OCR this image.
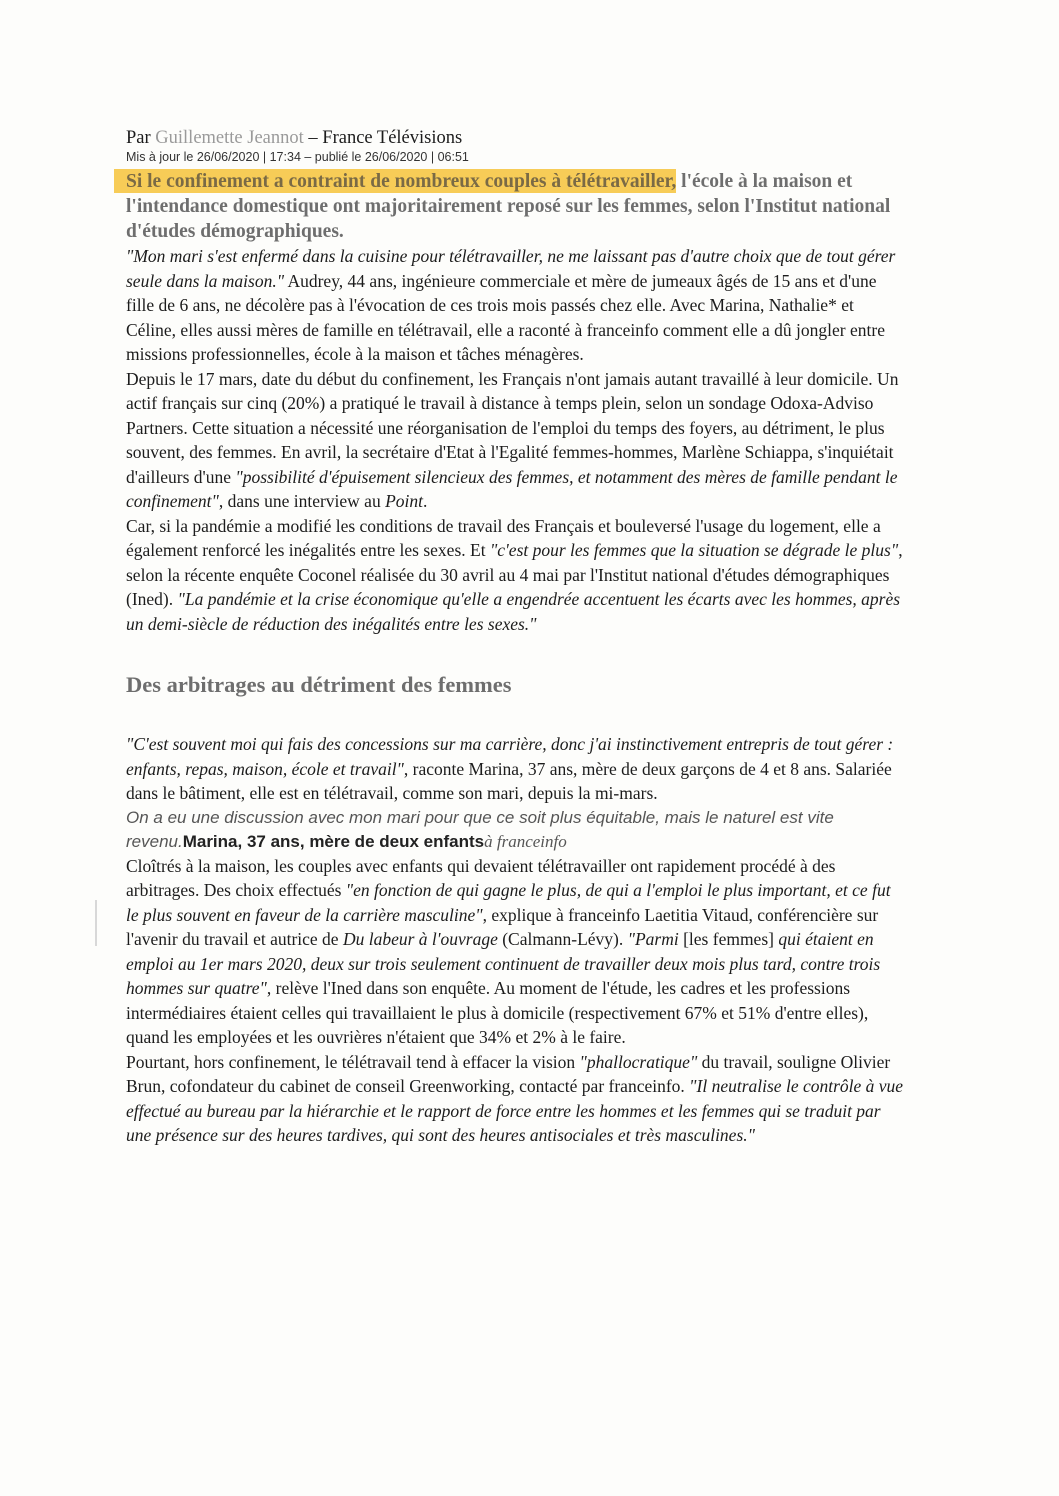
Par Guillemette Jeannot – France Télévisions
Mis à jour le 26/06/2020 | 17:34 – publié le 26/06/2020 | 06:51
Si le confinement a contraint de nombreux couples à télétravailler, l'école à la maison et l'intendance domestique ont majoritairement reposé sur les femmes, selon l'Institut national d'études démographiques.

"Mon mari s'est enfermé dans la cuisine pour télétravailler, ne me laissant pas d'autre choix que de tout gérer seule dans la maison." Audrey, 44 ans, ingénieure commerciale et mère de jumeaux âgés de 15 ans et d'une fille de 6 ans, ne décolère pas à l'évocation de ces trois mois passés chez elle. Avec Marina, Nathalie* et Céline, elles aussi mères de famille en télétravail, elle a raconté à franceinfo comment elle a dû jongler entre missions professionnelles, école à la maison et tâches ménagères.

Depuis le 17 mars, date du début du confinement, les Français n'ont jamais autant travaillé à leur domicile. Un actif français sur cinq (20%) a pratiqué le travail à distance à temps plein, selon un sondage Odoxa-Adviso Partners. Cette situation a nécessité une réorganisation de l'emploi du temps des foyers, au détriment, le plus souvent, des femmes. En avril, la secrétaire d'Etat à l'Egalité femmes-hommes, Marlène Schiappa, s'inquiétait d'ailleurs d'une "possibilité d'épuisement silencieux des femmes, et notamment des mères de famille pendant le confinement", dans une interview au Point.

Car, si la pandémie a modifié les conditions de travail des Français et bouleversé l'usage du logement, elle a également renforcé les inégalités entre les sexes. Et "c'est pour les femmes que la situation se dégrade le plus", selon la récente enquête Coconel réalisée du 30 avril au 4 mai par l'Institut national d'études démographiques (Ined). "La pandémie et la crise économique qu'elle a engendrée accentuent les écarts avec les hommes, après un demi-siècle de réduction des inégalités entre les sexes."

Des arbitrages au détriment des femmes

"C'est souvent moi qui fais des concessions sur ma carrière, donc j'ai instinctivement entrepris de tout gérer : enfants, repas, maison, école et travail", raconte Marina, 37 ans, mère de deux garçons de 4 et 8 ans. Salariée dans le bâtiment, elle est en télétravail, comme son mari, depuis la mi-mars.

On a eu une discussion avec mon mari pour que ce soit plus équitable, mais le naturel est vite revenu.Marina, 37 ans, mère de deux enfantsà franceinfo

Cloîtrés à la maison, les couples avec enfants qui devaient télétravailler ont rapidement procédé à des arbitrages. Des choix effectués "en fonction de qui gagne le plus, de qui a l'emploi le plus important, et ce fut le plus souvent en faveur de la carrière masculine", explique à franceinfo Laetitia Vitaud, conférencière sur l'avenir du travail et autrice de Du labeur à l'ouvrage (Calmann-Lévy). "Parmi [les femmes] qui étaient en emploi au 1er mars 2020, deux sur trois seulement continuent de travailler deux mois plus tard, contre trois hommes sur quatre", relève l'Ined dans son enquête. Au moment de l'étude, les cadres et les professions intermédiaires étaient celles qui travaillaient le plus à domicile (respectivement 67% et 51% d'entre elles), quand les employées et les ouvrières n'étaient que 34% et 2% à le faire.

Pourtant, hors confinement, le télétravail tend à effacer la vision "phallocratique" du travail, souligne Olivier Brun, cofondateur du cabinet de conseil Greenworking, contacté par franceinfo. "Il neutralise le contrôle à vue effectué au bureau par la hiérarchie et le rapport de force entre les hommes et les femmes qui se traduit par une présence sur des heures tardives, qui sont des heures antisociales et très masculines."
